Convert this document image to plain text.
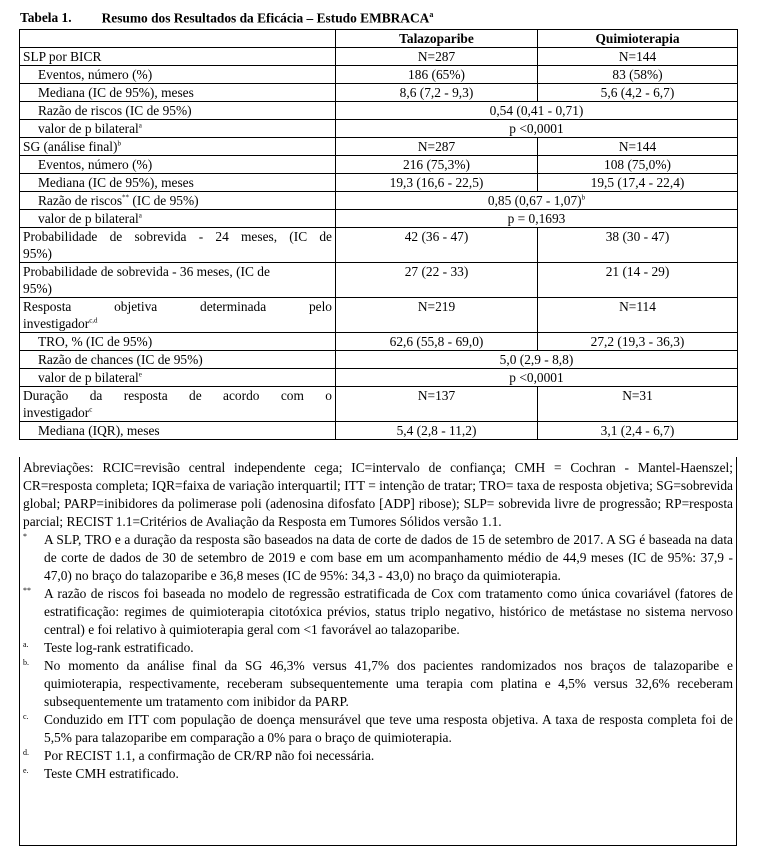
Tabela 1. Resumo dos Resultados da Eficácia – Estudo EMBRACA$^a$
	Talazoparibe	Quimioterapia
SLP por BICR	N=287	N=144
Eventos, número (%)	186 (65%)	83 (58%)
Mediana (IC de 95%), meses	8,6 (7,2 - 9,3)	5,6 (4,2 - 6,7)
Razão de riscos (IC de 95%)	0,54 (0,41 - 0,71)	
valor de p bilateral$^a$	p <0,0001	
SG (análise final)$^b$	N=287	N=144
Eventos, número (%)	216 (75,3%)	108 (75,0%)
Mediana (IC de 95%), meses	19,3 (16,6 - 22,5)	19,5 (17,4 - 22,4)
Razão de riscos** (IC de 95%)	0,85 (0,67 - 1,07)$^b$
valor de p bilateral$^a$	p = 0,1693	
Probabilidade de sobrevida - 24 meses, (IC de
95%)	42 (36 - 47)	38 (30 - 47)
Probabilidade de sobrevida - 36 meses, (IC de
95%)	27 (22 - 33)	21 (14 - 29)

Resposta objetiva determinada pelo
investigador$^{c,d}$	N=219	N=114
TRO, % (IC de 95%)	62,6 (55,8 - 69,0)	27,2 (19,3 - 36,3)
Razão de chances (IC de 95%)	5,0 (2,9 - 8,8)	
valor de p bilateral$^e$	p <0,0001	

Duração da resposta de acordo com o
investigador$^c$	N=137	N=31
Mediana (IQR), meses	5,4 (2,8 - 11,2)	3,1 (2,4 - 6,7)
Abreviações: RCIC=revisão central independente cega; IC=intervalo de confiança; CMH = Cochran - Mantel-Haenszel; CR=resposta completa; IQR=faixa de variação interquartil; ITT = intenção de tratar; TRO= taxa de resposta objetiva; SG=sobrevida global; PARP=inibidores da polimerase poli (adenosina difosfato [ADP] ribose); SLP= sobrevida livre de progressão; RP=resposta parcial; RECIST 1.1=Critérios de Avaliação da Resposta em Tumores Sólidos versão 1.1.
* A SLP, TRO e a duração da resposta são baseados na data de corte de dados de 15 de setembro de 2017. A SG é baseada na data de corte de dados de 30 de setembro de 2019 e com base em um acompanhamento médio de 44,9 meses (IC de 95%: 37,9 - 47,0) no braço do talazoparibe e 36,8 meses (IC de 95%: 34,3 - 43,0) no braço da quimioterapia.
** A razão de riscos foi baseada no modelo de regressão estratificada de Cox com tratamento como única covariável (fatores de estratificação: regimes de quimioterapia citotóxica prévios, status triplo negativo, histórico de metástase no sistema nervoso central) e foi relativo à quimioterapia geral com <1 favorável ao talazoparibe.
a. Teste log-rank estratificado.
b. No momento da análise final da SG 46,3% versus 41,7% dos pacientes randomizados nos braços de talazoparibe e quimioterapia, respectivamente, receberam subsequentemente uma terapia com platina e 4,5% versus 32,6% receberam subsequentemente um tratamento com inibidor da PARP.
c. Conduzido em ITT com população de doença mensurável que teve uma resposta objetiva. A taxa de resposta completa foi de 5,5% para talazoparibe em comparação a 0% para o braço de quimioterapia.
d. Por RECIST 1.1, a confirmação de CR/RP não foi necessária.
e. Teste CMH estratificado.
